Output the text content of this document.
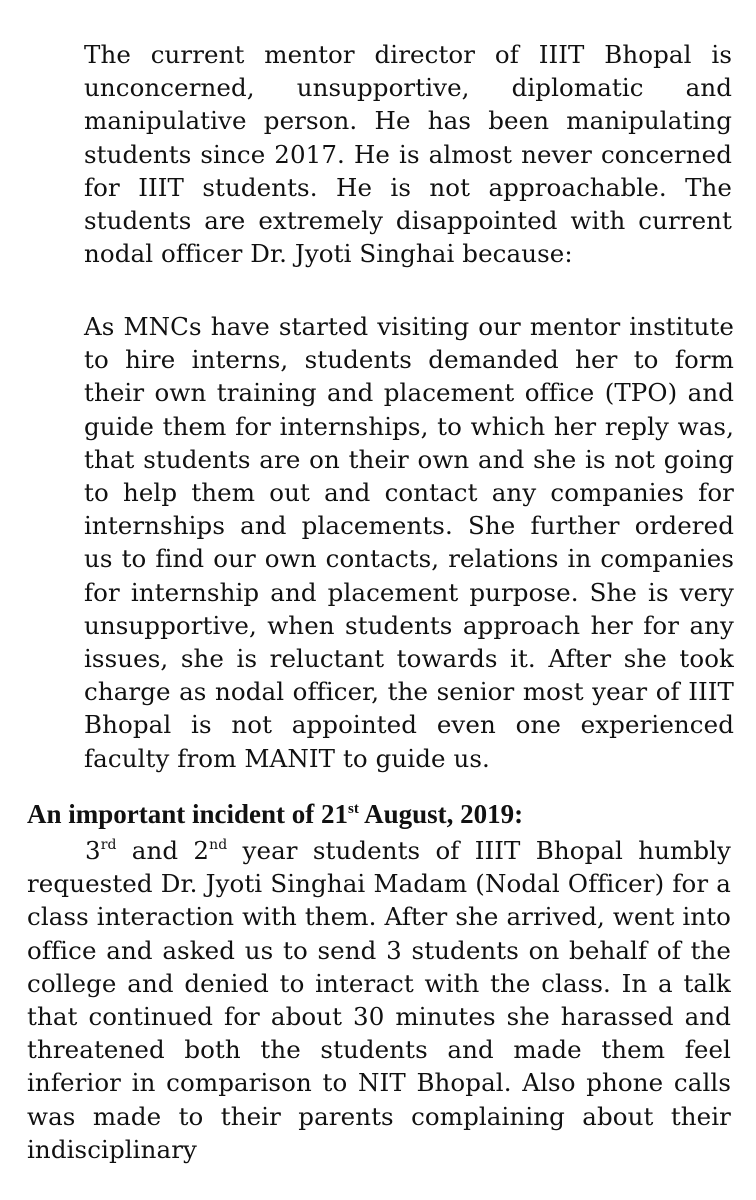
The current mentor director of IIIT Bhopal is unconcerned, unsupportive, diplomatic and manipulative person. He has been manipulating students since 2017. He is almost never concerned for IIIT students. He is not approachable. The students are extremely disappointed with current nodal officer Dr. Jyoti Singhai because:

As MNCs have started visiting our mentor institute to hire interns, students demanded her to form their own training and placement office (TPO) and guide them for internships, to which her reply was, that students are on their own and she is not going to help them out and contact any companies for internships and placements. She further ordered us to find our own contacts, relations in companies for internship and placement purpose. She is very unsupportive, when students approach her for any issues, she is reluctant towards it. After she took charge as nodal officer, the senior most year of IIIT Bhopal is not appointed even one experienced faculty from MANIT to guide us.

An important incident of 21st August, 2019:

3rd and 2nd year students of IIIT Bhopal humbly requested Dr. Jyoti Singhai Madam (Nodal Officer) for a class interaction with them. After she arrived, went into office and asked us to send 3 students on behalf of the college and denied to interact with the class. In a talk that continued for about 30 minutes she harassed and threatened both the students and made them feel inferior in comparison to NIT Bhopal. Also phone calls was made to their parents complaining about their indisciplinary
